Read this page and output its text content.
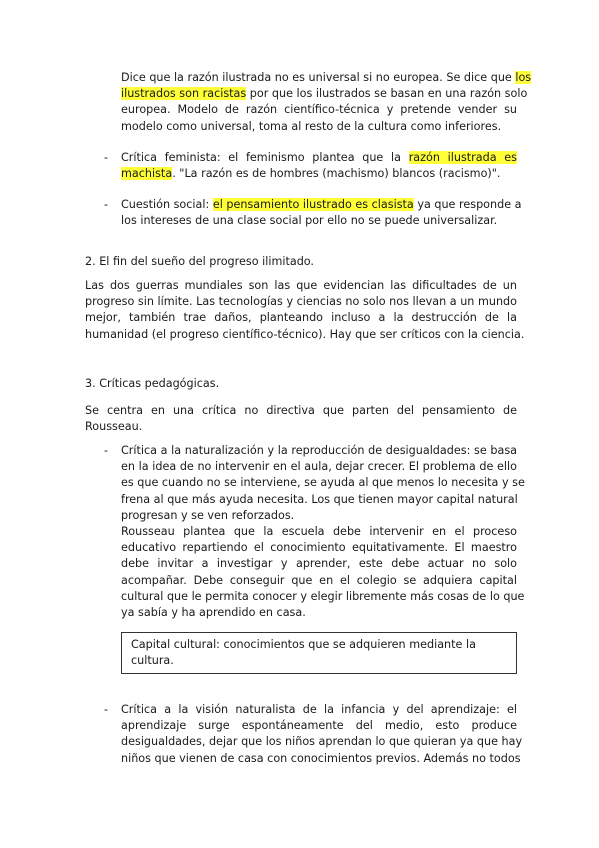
Dice que la razón ilustrada no es universal si no europea. Se dice que los
ilustrados son racistas por que los ilustrados se basan en una razón solo
europea. Modelo de razón científico-técnica y pretende vender su
modelo como universal, toma al resto de la cultura como inferiores.
- Crítica feminista: el feminismo plantea que la razón ilustrada es
machista. "La razón es de hombres (machismo) blancos (racismo)".
- Cuestión social: el pensamiento ilustrado es clasista ya que responde a
los intereses de una clase social por ello no se puede universalizar.
2. El fin del sueño del progreso ilimitado.
Las dos guerras mundiales son las que evidencian las dificultades de un
progreso sin límite. Las tecnologías y ciencias no solo nos llevan a un mundo
mejor, también trae daños, planteando incluso a la destrucción de la
humanidad (el progreso científico-técnico). Hay que ser críticos con la ciencia.
3. Críticas pedagógicas.
Se centra en una crítica no directiva que parten del pensamiento de
Rousseau.
- Crítica a la naturalización y la reproducción de desigualdades: se basa
en la idea de no intervenir en el aula, dejar crecer. El problema de ello
es que cuando no se interviene, se ayuda al que menos lo necesita y se
frena al que más ayuda necesita. Los que tienen mayor capital natural
progresan y se ven reforzados.
Rousseau plantea que la escuela debe intervenir en el proceso
educativo repartiendo el conocimiento equitativamente. El maestro
debe invitar a investigar y aprender, este debe actuar no solo
acompañar. Debe conseguir que en el colegio se adquiera capital
cultural que le permita conocer y elegir libremente más cosas de lo que
ya sabía y ha aprendido en casa.
Capital cultural: conocimientos que se adquieren mediante la
cultura.
- Crítica a la visión naturalista de la infancia y del aprendizaje: el
aprendizaje surge espontáneamente del medio, esto produce
desigualdades, dejar que los niños aprendan lo que quieran ya que hay
niños que vienen de casa con conocimientos previos. Además no todos
